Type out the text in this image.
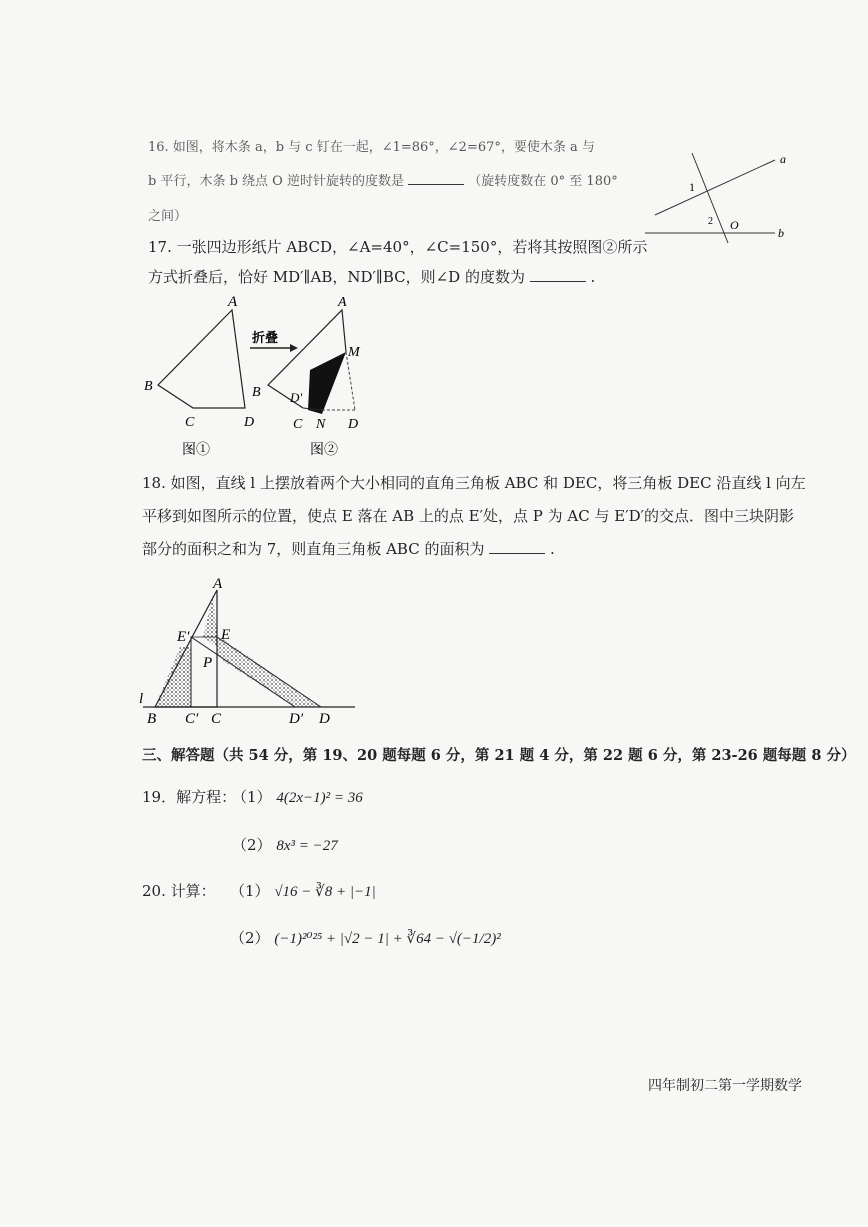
16. 如图，将木条 a，b 与 c 钉在一起，∠1=86°，∠2=67°，要使木条 a 与
b 平行，木条 b 绕点 O 逆时针旋转的度数是	（旋转度数在 0° 至 180°
之间）
a
b
1
2 O
17. 一张四边形纸片 ABCD，∠A=40°，∠C=150°，若将其按照图②所示
方式折叠后，恰好 MD′∥AB，ND′∥BC，则∠D 的度数为	.
A
B
C	D
图①
折叠
A
B
M
D′
C N D
图②
18. 如图，直线 l 上摆放着两个大小相同的直角三角板 ABC 和 DEC，将三角板 DEC 沿直线 l 向左
平移到如图所示的位置，使点 E 落在 AB 上的点 E′处，点 P 为 AC 与 E′D′的交点．图中三块阴影
部分的面积之和为 7，则直角三角板 ABC 的面积为	.
A
E′ E
P
l
B C′ C	D′ D
三、解答题（共 54 分，第 19、20 题每题 6 分，第 21 题 4 分，第 22 题 6 分，第 23-26 题每题 8 分）
19．解方程：
（1） 4(2x−1)² = 36
（2） 8x³ = −27
20. 计算： （1） √16 − ∛8 + |−1|
（2） (−1)²⁰²⁵ + |√2 − 1| + ∛64 − √(−1/2)²
四年制初二第一学期数学
